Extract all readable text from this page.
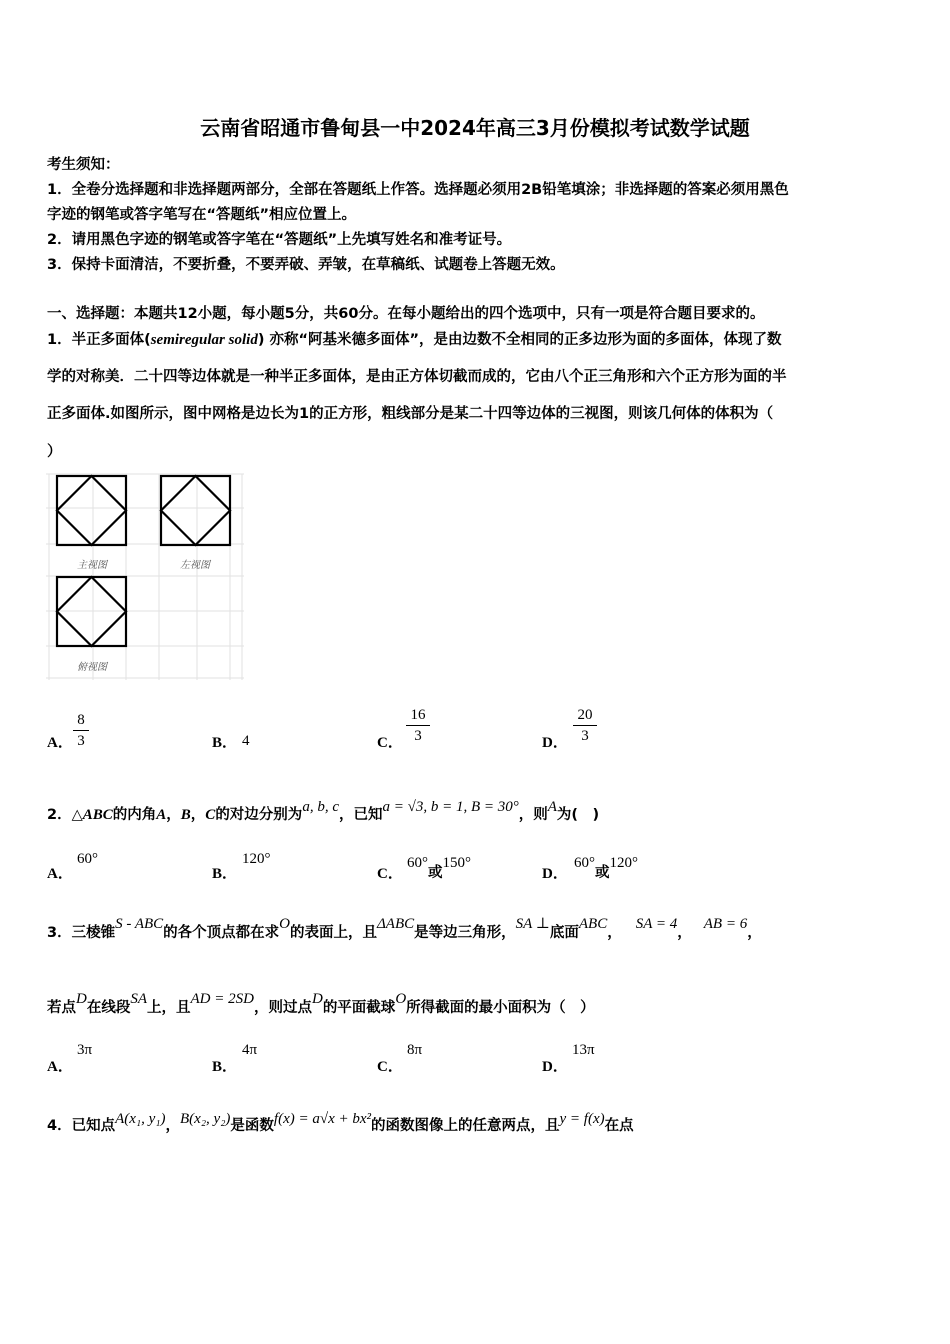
云南省昭通市鲁甸县一中2024年高三3月份模拟考试数学试题
考生须知：
1．全卷分选择题和非选择题两部分，全部在答题纸上作答。选择题必须用2B铅笔填涂；非选择题的答案必须用黑色
字迹的钢笔或答字笔写在“答题纸”相应位置上。
2．请用黑色字迹的钢笔或答字笔在“答题纸”上先填写姓名和准考证号。
3．保持卡面清洁，不要折叠，不要弄破、弄皱，在草稿纸、试题卷上答题无效。
一、选择题：本题共12小题，每小题5分，共60分。在每小题给出的四个选项中，只有一项是符合题目要求的。
1．半正多面体(semiregular solid) 亦称“阿基米德多面体”，是由边数不全相同的正多边形为面的多面体，体现了数
学的对称美．二十四等边体就是一种半正多面体，是由正方体切截而成的，它由八个正三角形和六个正方形为面的半
正多面体.如图所示，图中网格是边长为1的正方形，粗线部分是某二十四等边体的三视图，则该几何体的体积为（
）
主视图	左视图
俯视图
A．
8
3	B． 4	C．
16
3	D．
20
3
2．△ABC的内角A，B，C的对边分别为a, b, c，已知a = √3, b = 1, B = 30°，则A为(　)
A．
60°
B．
120°
C．
60°或150°
D．
60°或120°
3．三棱锥S - ABC的各个顶点都在求O的表面上，且ΔABC是等边三角形，SA ⊥底面ABC，SA = 4，AB = 6，
若点D在线段SA上，且AD = 2SD，则过点D的平面截球O所得截面的最小面积为（　）
A．
3π
B．
4π
C．
8π
D．
13π
4．已知点A(x₁, y₁)，B(x₂, y₂)是函数f(x) = a√x + bx²的函数图像上的任意两点，且y = f(x)在点
